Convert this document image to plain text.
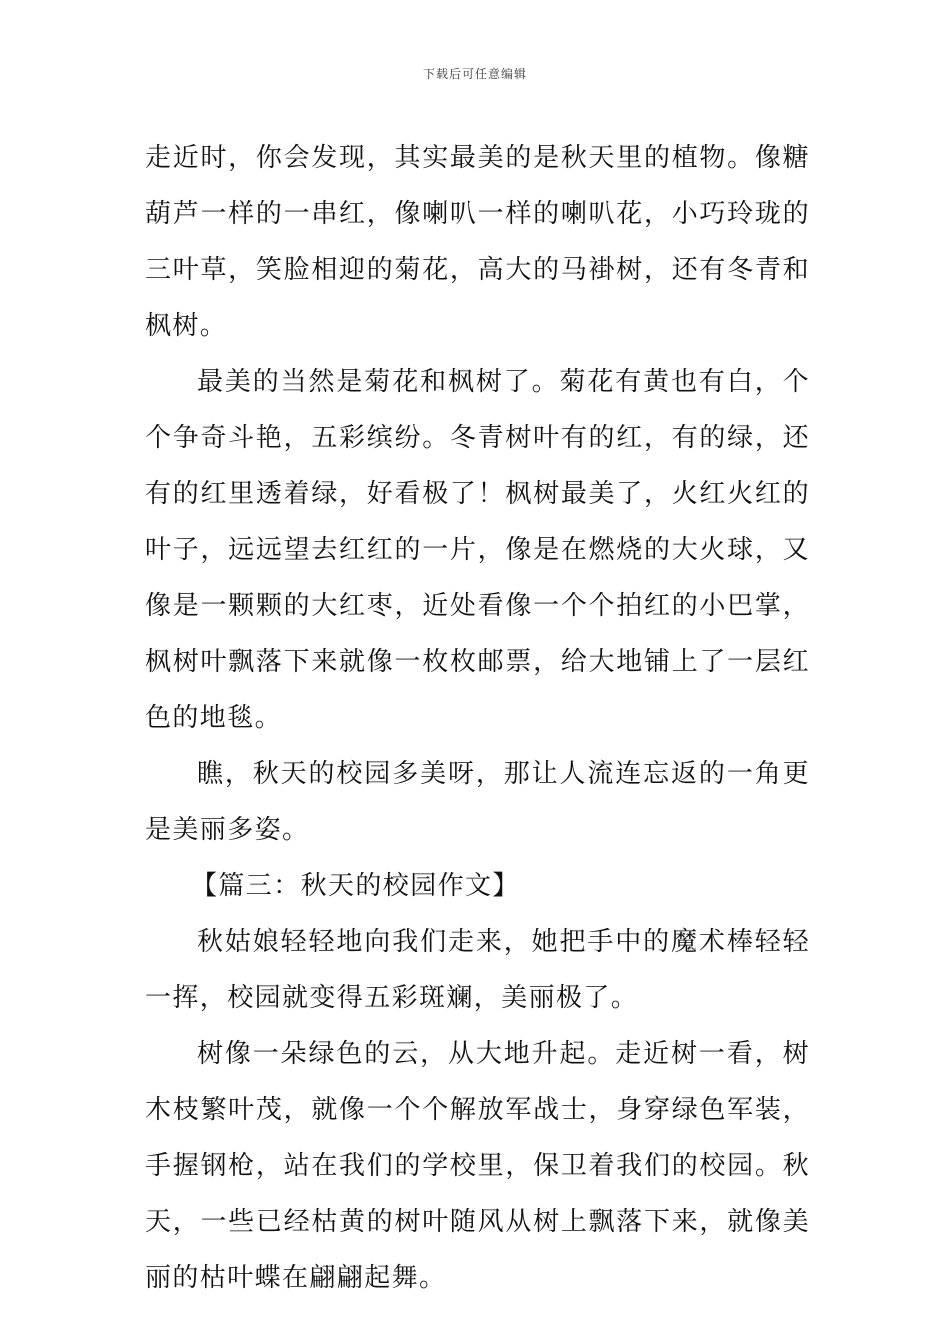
下载后可任意编辑

走近时，你会发现，其实最美的是秋天里的植物。像糖葫芦一样的一串红，像喇叭一样的喇叭花，小巧玲珑的三叶草，笑脸相迎的菊花，高大的马褂树，还有冬青和枫树。

最美的当然是菊花和枫树了。菊花有黄也有白，个个争奇斗艳，五彩缤纷。冬青树叶有的红，有的绿，还有的红里透着绿，好看极了！枫树最美了，火红火红的叶子，远远望去红红的一片，像是在燃烧的大火球，又像是一颗颗的大红枣，近处看像一个个拍红的小巴掌，枫树叶飘落下来就像一枚枚邮票，给大地铺上了一层红色的地毯。

瞧，秋天的校园多美呀，那让人流连忘返的一角更是美丽多姿。

【篇三：秋天的校园作文】

秋姑娘轻轻地向我们走来，她把手中的魔术棒轻轻一挥，校园就变得五彩斑斓，美丽极了。

树像一朵绿色的云，从大地升起。走近树一看，树木枝繁叶茂，就像一个个解放军战士，身穿绿色军装，手握钢枪，站在我们的学校里，保卫着我们的校园。秋天，一些已经枯黄的树叶随风从树上飘落下来，就像美丽的枯叶蝶在翩翩起舞。
